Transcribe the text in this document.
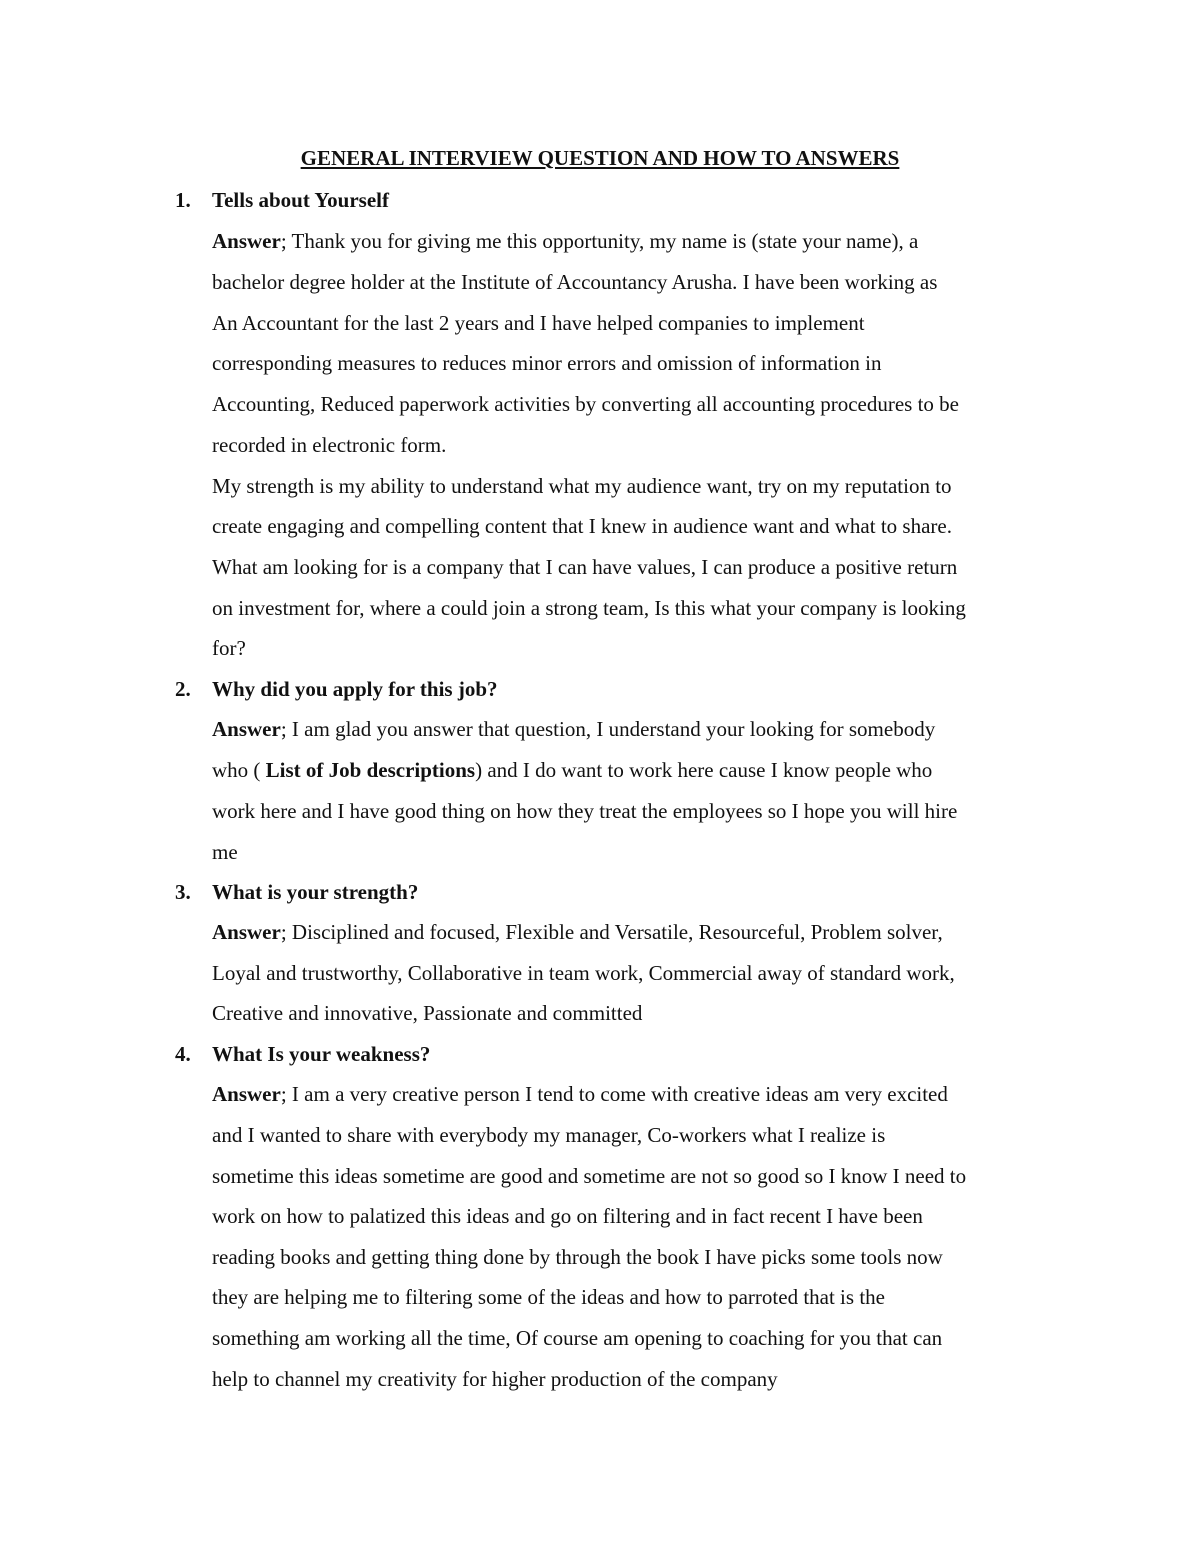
GENERAL INTERVIEW QUESTION AND HOW TO ANSWERS
1. Tells about Yourself
Answer; Thank you for giving me this opportunity, my name is (state your name), a
bachelor degree holder at the Institute of Accountancy Arusha. I have been working as
An Accountant for the last 2 years and I have helped companies to implement
corresponding measures to reduces minor errors and omission of information in
Accounting, Reduced paperwork activities by converting all accounting procedures to be
recorded in electronic form.
My strength is my ability to understand what my audience want, try on my reputation to
create engaging and compelling content that I knew in audience want and what to share.
What am looking for is a company that I can have values, I can produce a positive return
on investment for, where a could join a strong team, Is this what your company is looking
for?
2. Why did you apply for this job?
Answer; I am glad you answer that question, I understand your looking for somebody
who ( List of Job descriptions) and I do want to work here cause I know people who
work here and I have good thing on how they treat the employees so I hope you will hire
me
3. What is your strength?
Answer; Disciplined and focused, Flexible and Versatile, Resourceful, Problem solver,
Loyal and trustworthy, Collaborative in team work, Commercial away of standard work,
Creative and innovative, Passionate and committed
4. What Is your weakness?
Answer; I am a very creative person I tend to come with creative ideas am very excited
and I wanted to share with everybody my manager, Co-workers what I realize is
sometime this ideas sometime are good and sometime are not so good so I know I need to
work on how to palatized this ideas and go on filtering and in fact recent I have been
reading books and getting thing done by through the book I have picks some tools now
they are helping me to filtering some of the ideas and how to parroted that is the
something am working all the time, Of course am opening to coaching for you that can
help to channel my creativity for higher production of the company
